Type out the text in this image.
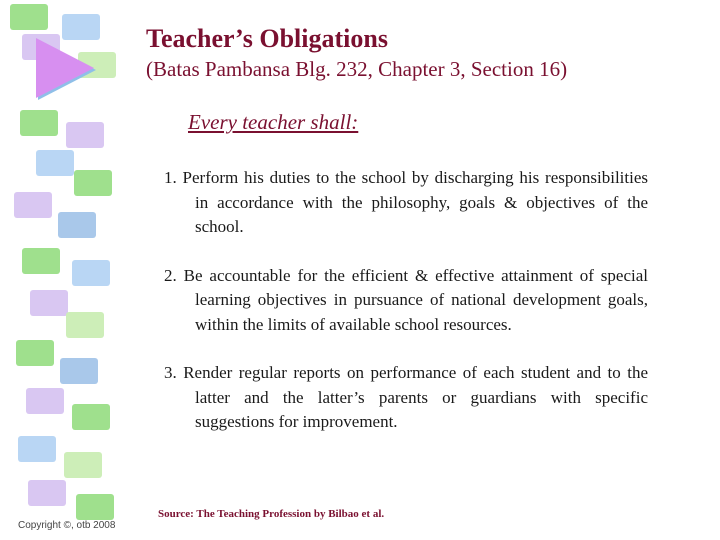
Teacher’s Obligations
(Batas Pambansa Blg. 232, Chapter 3, Section 16)
Every teacher shall:

1. Perform his duties to the school by discharging his responsibilities in accordance with the philosophy, goals & objectives of the school.

2. Be accountable for the efficient & effective attainment of special learning objectives in pursuance of national development goals, within the limits of available school resources.

3. Render regular reports on performance of each student and to the latter and the latter’s parents or guardians with specific suggestions for improvement.

Source: The Teaching Profession by Bilbao et al.
Copyright ©, otb 2008
